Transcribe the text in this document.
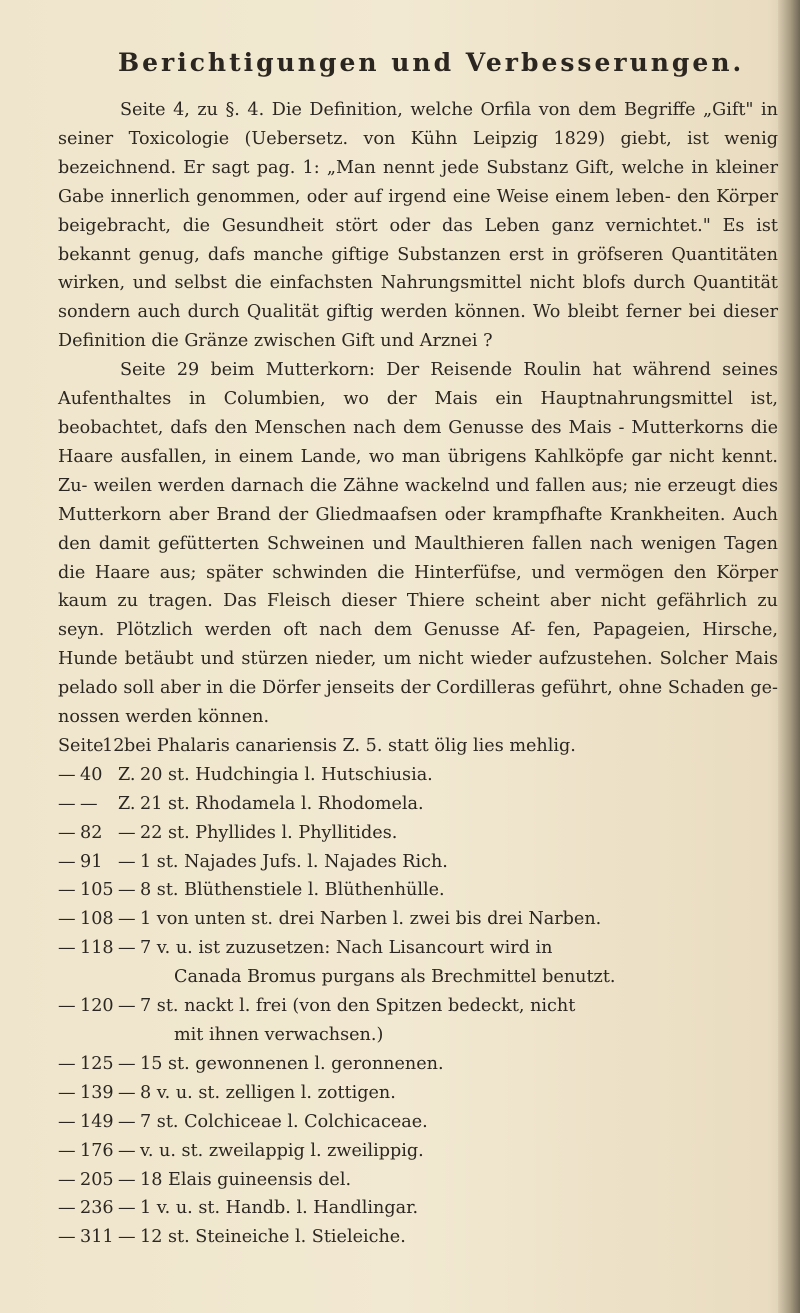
Berichtigungen und Verbesserungen.

Seite 4, zu §. 4. Die Definition, welche Orfila von dem Begriffe „Gift" in seiner Toxicologie (Uebersetz. von Kühn Leipzig 1829) giebt, ist wenig bezeichnend. Er sagt pag. 1: „Man nennt jede Substanz Gift, welche in kleiner Gabe innerlich genommen, oder auf irgend eine Weise einem leben- den Körper beigebracht, die Gesundheit stört oder das Leben ganz vernichtet." Es ist bekannt genug, dafs manche giftige Substanzen erst in gröfseren Quantitäten wirken, und selbst die einfachsten Nahrungsmittel nicht blofs durch Quantität sondern auch durch Qualität giftig werden können. Wo bleibt ferner bei dieser Definition die Gränze zwischen Gift und Arznei ?

Seite 29 beim Mutterkorn: Der Reisende Roulin hat während seines Aufenthaltes in Columbien, wo der Mais ein Hauptnahrungsmittel ist, beobachtet, dafs den Menschen nach dem Genusse des Mais - Mutterkorns die Haare ausfallen, in einem Lande, wo man übrigens Kahlköpfe gar nicht kennt. Zu- weilen werden darnach die Zähne wackelnd und fallen aus; nie erzeugt dies Mutterkorn aber Brand der Gliedmaafsen oder krampfhafte Krankheiten. Auch den damit gefütterten Schweinen und Maulthieren fallen nach wenigen Tagen die Haare aus; später schwinden die Hinterfüfse, und vermögen den Körper kaum zu tragen. Das Fleisch dieser Thiere scheint aber nicht gefährlich zu seyn. Plötzlich werden oft nach dem Genusse Af- fen, Papageien, Hirsche, Hunde betäubt und stürzen nieder, um nicht wieder aufzustehen. Solcher Mais pelado soll aber in die Dörfer jenseits der Cordilleras geführt, ohne Schaden ge- nossen werden können.

Seite
12 bei Phalaris canariensis Z. 5. statt ölig lies mehlig.
— 40 Z. 20 st. Hudchingia l. Hutschiusia.
— —	Z. 21 st. Rhodamela l. Rhodomela.
— 82 — 22 st. Phyllides l. Phyllitides.
— 91 — 1 st. Najades Jufs. l. Najades Rich.
— 105 — 8 st. Blüthenstiele l. Blüthenhülle.
— 108 — 1 von unten st. drei Narben l. zwei bis drei Narben.
— 118 — 7 v. u. ist zuzusetzen: Nach Lisancourt wird in
Canada Bromus purgans als Brechmittel benutzt.
— 120 — 7 st. nackt l. frei (von den Spitzen bedeckt, nicht
mit ihnen verwachsen.)
— 125 — 15 st. gewonnenen l. geronnenen.
— 139 — 8 v. u. st. zelligen l. zottigen.
— 149 — 7 st. Colchiceae l. Colchicaceae.
— 176 — v. u. st. zweilappig l. zweilippig.
— 205 — 18 Elais guineensis del.
— 236 — 1 v. u. st. Handb. l. Handlingar.
— 311 — 12 st. Steineiche l. Stieleiche.
